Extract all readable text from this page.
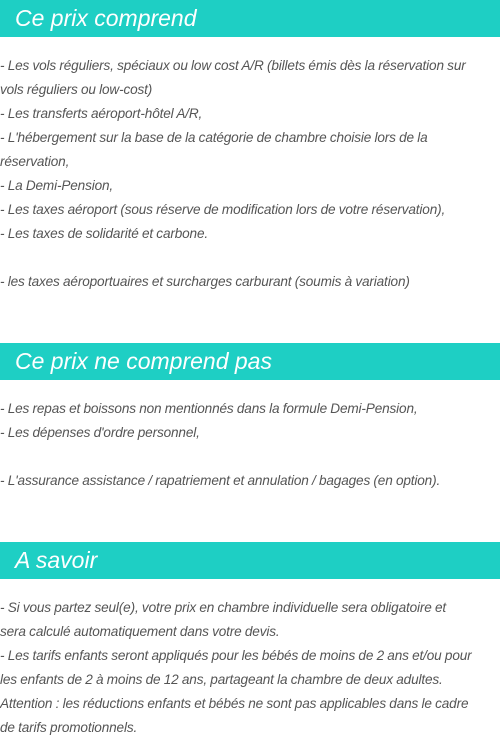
Ce prix comprend
- Les vols réguliers, spéciaux ou low cost A/R (billets émis dès la réservation sur
vols réguliers ou low-cost)
- Les transferts aéroport-hôtel A/R,
- L'hébergement sur la base de la catégorie de chambre choisie lors de la
réservation,
- La Demi-Pension,
- Les taxes aéroport (sous réserve de modification lors de votre réservation),
- Les taxes de solidarité et carbone.
- les taxes aéroportuaires et surcharges carburant (soumis à variation)
Ce prix ne comprend pas
- Les repas et boissons non mentionnés dans la formule Demi-Pension,
- Les dépenses d'ordre personnel,
- L'assurance assistance / rapatriement et annulation / bagages (en option).
A savoir
- Si vous partez seul(e), votre prix en chambre individuelle sera obligatoire et
sera calculé automatiquement dans votre devis.
- Les tarifs enfants seront appliqués pour les bébés de moins de 2 ans et/ou pour
les enfants de 2 à moins de 12 ans, partageant la chambre de deux adultes.
Attention : les réductions enfants et bébés ne sont pas applicables dans le cadre
de tarifs promotionnels.
